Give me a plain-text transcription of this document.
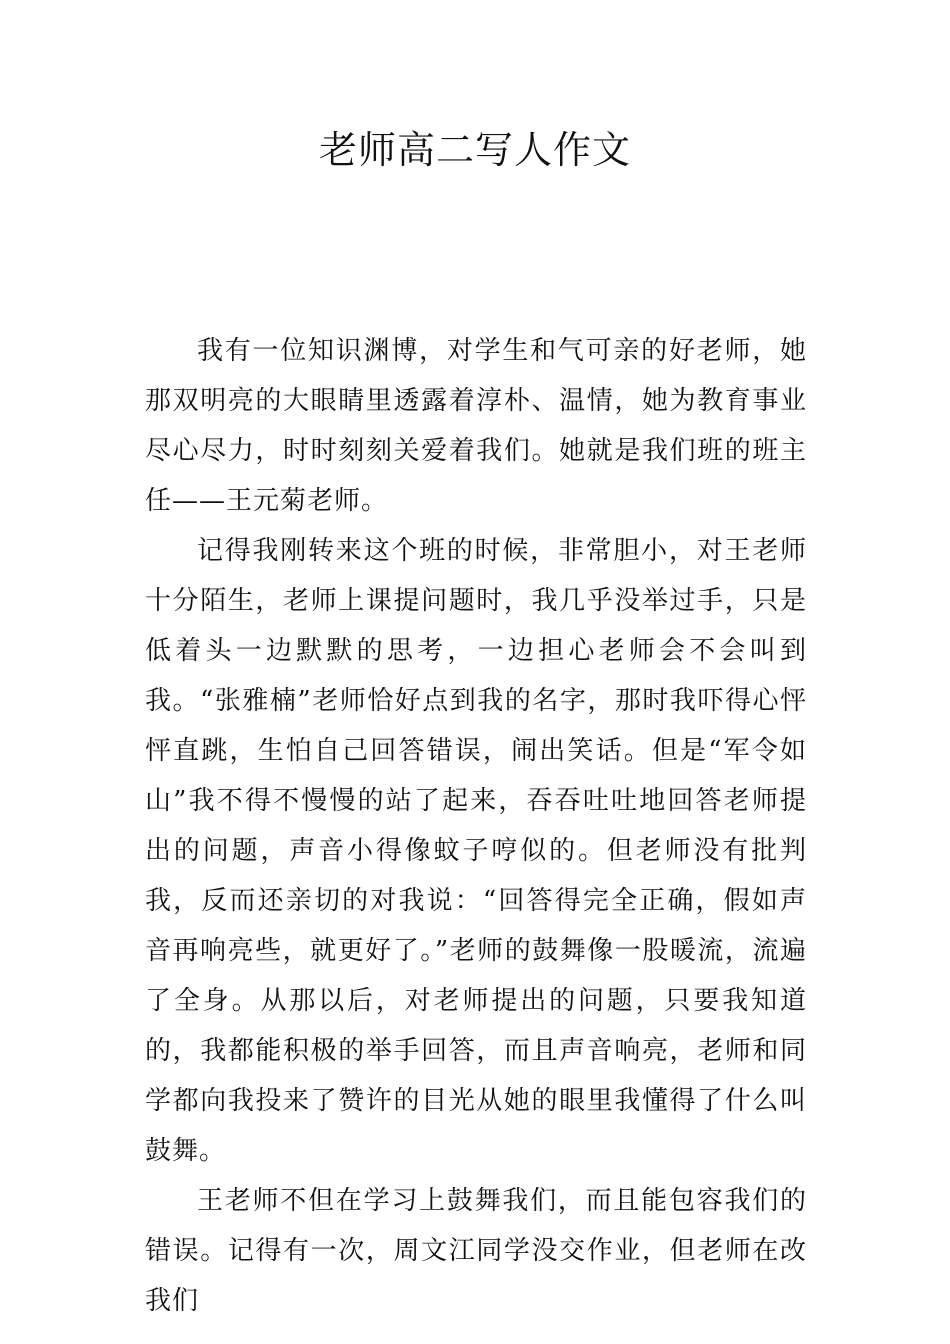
老师高二写人作文

我有一位知识渊博，对学生和气可亲的好老师，她那双明亮的大眼睛里透露着淳朴、温情，她为教育事业尽心尽力，时时刻刻关爱着我们。她就是我们班的班主任——王元菊老师。

记得我刚转来这个班的时候，非常胆小，对王老师十分陌生，老师上课提问题时，我几乎没举过手，只是低着头一边默默的思考，一边担心老师会不会叫到我。“张雅楠”老师恰好点到我的名字，那时我吓得心怦怦直跳，生怕自己回答错误，闹出笑话。但是“军令如山”我不得不慢慢的站了起来，吞吞吐吐地回答老师提出的问题，声音小得像蚊子哼似的。但老师没有批判我，反而还亲切的对我说：“回答得完全正确，假如声音再响亮些，就更好了。”老师的鼓舞像一股暖流，流遍了全身。从那以后，对老师提出的问题，只要我知道的，我都能积极的举手回答，而且声音响亮，老师和同学都向我投来了赞许的目光从她的眼里我懂得了什么叫鼓舞。

王老师不但在学习上鼓舞我们，而且能包容我们的错误。记得有一次，周文江同学没交作业，但老师在改我们
